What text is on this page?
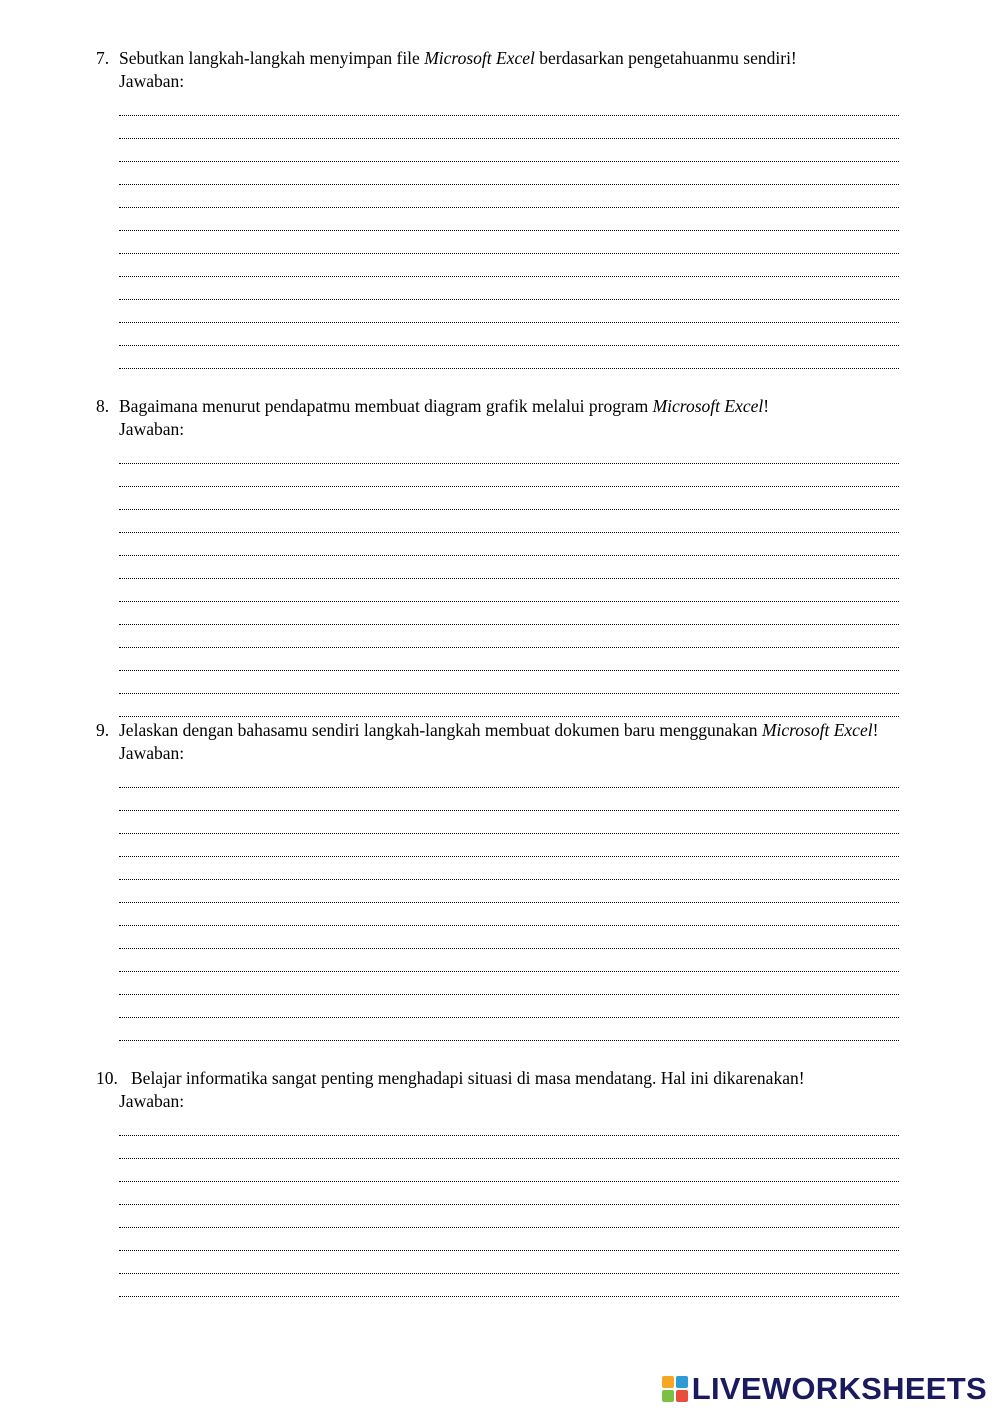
7. Sebutkan langkah-langkah menyimpan file Microsoft Excel berdasarkan pengetahuanmu sendiri!
Jawaban:
8. Bagaimana menurut pendapatmu membuat diagram grafik melalui program Microsoft Excel!
Jawaban:
9. Jelaskan dengan bahasamu sendiri langkah-langkah membuat dokumen baru menggunakan Microsoft Excel!
Jawaban:
10. Belajar informatika sangat penting menghadapi situasi di masa mendatang. Hal ini dikarenakan!
Jawaban:
LIVEWORKSHEETS
